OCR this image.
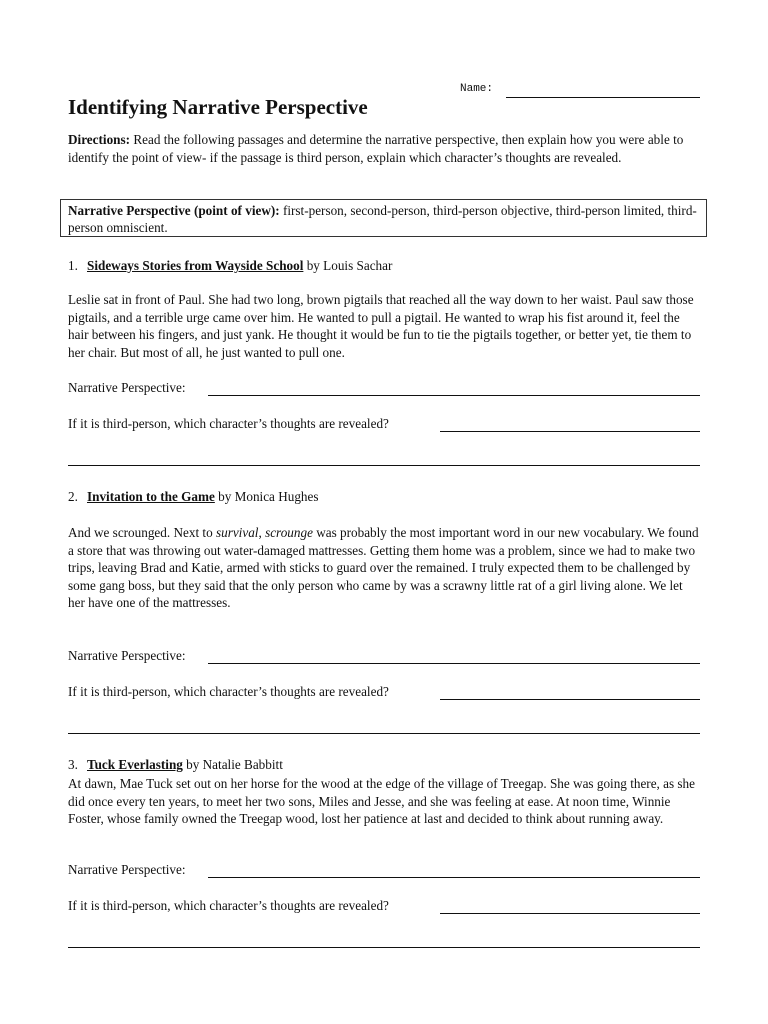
Name:
Identifying Narrative Perspective
Directions: Read the following passages and determine the narrative perspective, then explain how you were able to identify the point of view- if the passage is third person, explain which character’s thoughts are revealed.
Narrative Perspective (point of view): first-person, second-person, third-person objective, third-person limited, third-person omniscient.
1. Sideways Stories from Wayside School by Louis Sachar
Leslie sat in front of Paul. She had two long, brown pigtails that reached all the way down to her waist. Paul saw those pigtails, and a terrible urge came over him. He wanted to pull a pigtail. He wanted to wrap his fist around it, feel the hair between his fingers, and just yank. He thought it would be fun to tie the pigtails together, or better yet, tie them to her chair. But most of all, he just wanted to pull one.
Narrative Perspective:
If it is third-person, which character’s thoughts are revealed?
2. Invitation to the Game by Monica Hughes
And we scrounged. Next to survival, scrounge was probably the most important word in our new vocabulary. We found a store that was throwing out water-damaged mattresses. Getting them home was a problem, since we had to make two trips, leaving Brad and Katie, armed with sticks to guard over the remained. I truly expected them to be challenged by some gang boss, but they said that the only person who came by was a scrawny little rat of a girl living alone. We let her have one of the mattresses.
Narrative Perspective:
If it is third-person, which character’s thoughts are revealed?
3. Tuck Everlasting by Natalie Babbitt
At dawn, Mae Tuck set out on her horse for the wood at the edge of the village of Treegap. She was going there, as she did once every ten years, to meet her two sons, Miles and Jesse, and she was feeling at ease. At noon time, Winnie Foster, whose family owned the Treegap wood, lost her patience at last and decided to think about running away.
Narrative Perspective:
If it is third-person, which character’s thoughts are revealed?
